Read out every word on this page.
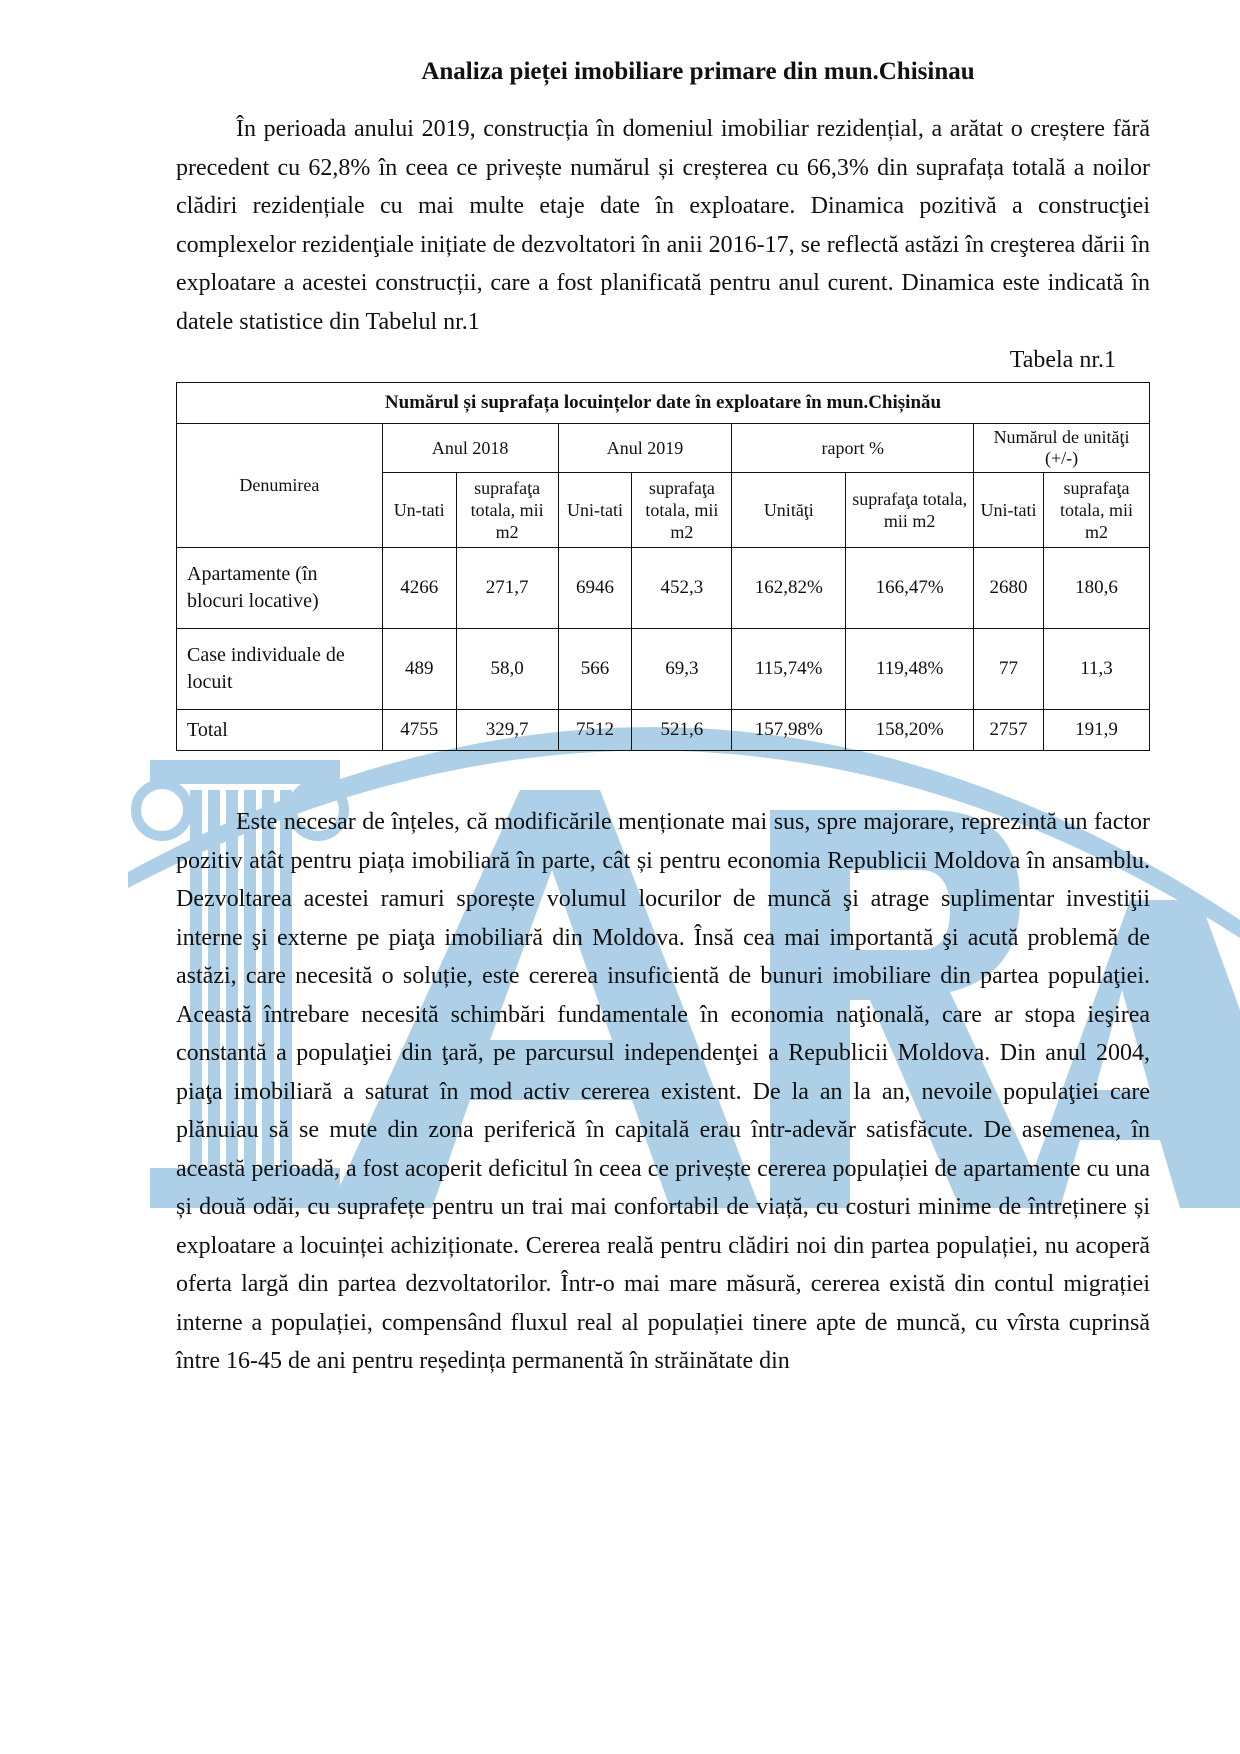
Analiza pieței imobiliare primare din mun.Chisinau

În perioada anului 2019, construcția în domeniul imobiliar rezidențial, a arătat o creștere fără precedent cu 62,8% în ceea ce privește numărul și creșterea cu 66,3% din suprafața totală a noilor clădiri rezidențiale cu mai multe etaje date în exploatare. Dinamica pozitivă a construcţiei complexelor rezidenţiale inițiate de dezvoltatori în anii 2016-17, se reflectă astăzi în creşterea dării în exploatare a acestei construcții, care a fost planificată pentru anul curent. Dinamica este indicată în datele statistice din Tabelul nr.1

Tabela nr.1
Numărul și suprafața locuințelor date în exploatare în mun.Chișinău								
Denumirea	Anul 2018		Anul 2019		raport %		Numărul de unităţi (+/-)	
	Un-tati	suprafaţa totala, mii m2	Uni-tati	suprafaţa totala, mii m2	Unităţi	suprafaţa totala, mii m2	Uni-tati	suprafaţa totala, mii m2
Apartamente (în blocuri locative)	4266	271,7	6946	452,3	162,82%	166,47%	2680	180,6
Case individuale de locuit	489	58,0	566	69,3	115,74%	119,48%	77	11,3
Total	4755	329,7	7512	521,6	157,98%	158,20%	2757	191,9

Este necesar de înțeles, că modificările menționate mai sus, spre majorare, reprezintă un factor pozitiv atât pentru piața imobiliară în parte, cât și pentru economia Republicii Moldova în ansamblu. Dezvoltarea acestei ramuri sporește volumul locurilor de muncă şi atrage suplimentar investiţii interne şi externe pe piaţa imobiliară din Moldova. Însă cea mai importantă şi acută problemă de astăzi, care necesită o soluție, este cererea insuficientă de bunuri imobiliare din partea populaţiei. Această întrebare necesită schimbări fundamentale în economia naţională, care ar stopa ieşirea constantă a populaţiei din ţară, pe parcursul independenţei a Republicii Moldova. Din anul 2004, piaţa imobiliară a saturat în mod activ cererea existent. De la an la an, nevoile populaţiei care plănuiau să se mute din zona periferică în capitală erau într-adevăr satisfăcute. De asemenea, în această perioadă, a fost acoperit deficitul în ceea ce privește cererea populației de apartamente cu una și două odăi, cu suprafețe pentru un trai mai confortabil de viață, cu costuri minime de întreținere și exploatare a locuinței achiziționate. Cererea reală pentru clădiri noi din partea populației, nu acoperă oferta largă din partea dezvoltatorilor. Într-o mai mare măsură, cererea există din contul migrației interne a populației, compensând fluxul real al populației tinere apte de muncă, cu vîrsta cuprinsă între 16-45 de ani pentru reședința permanentă în străinătate din
